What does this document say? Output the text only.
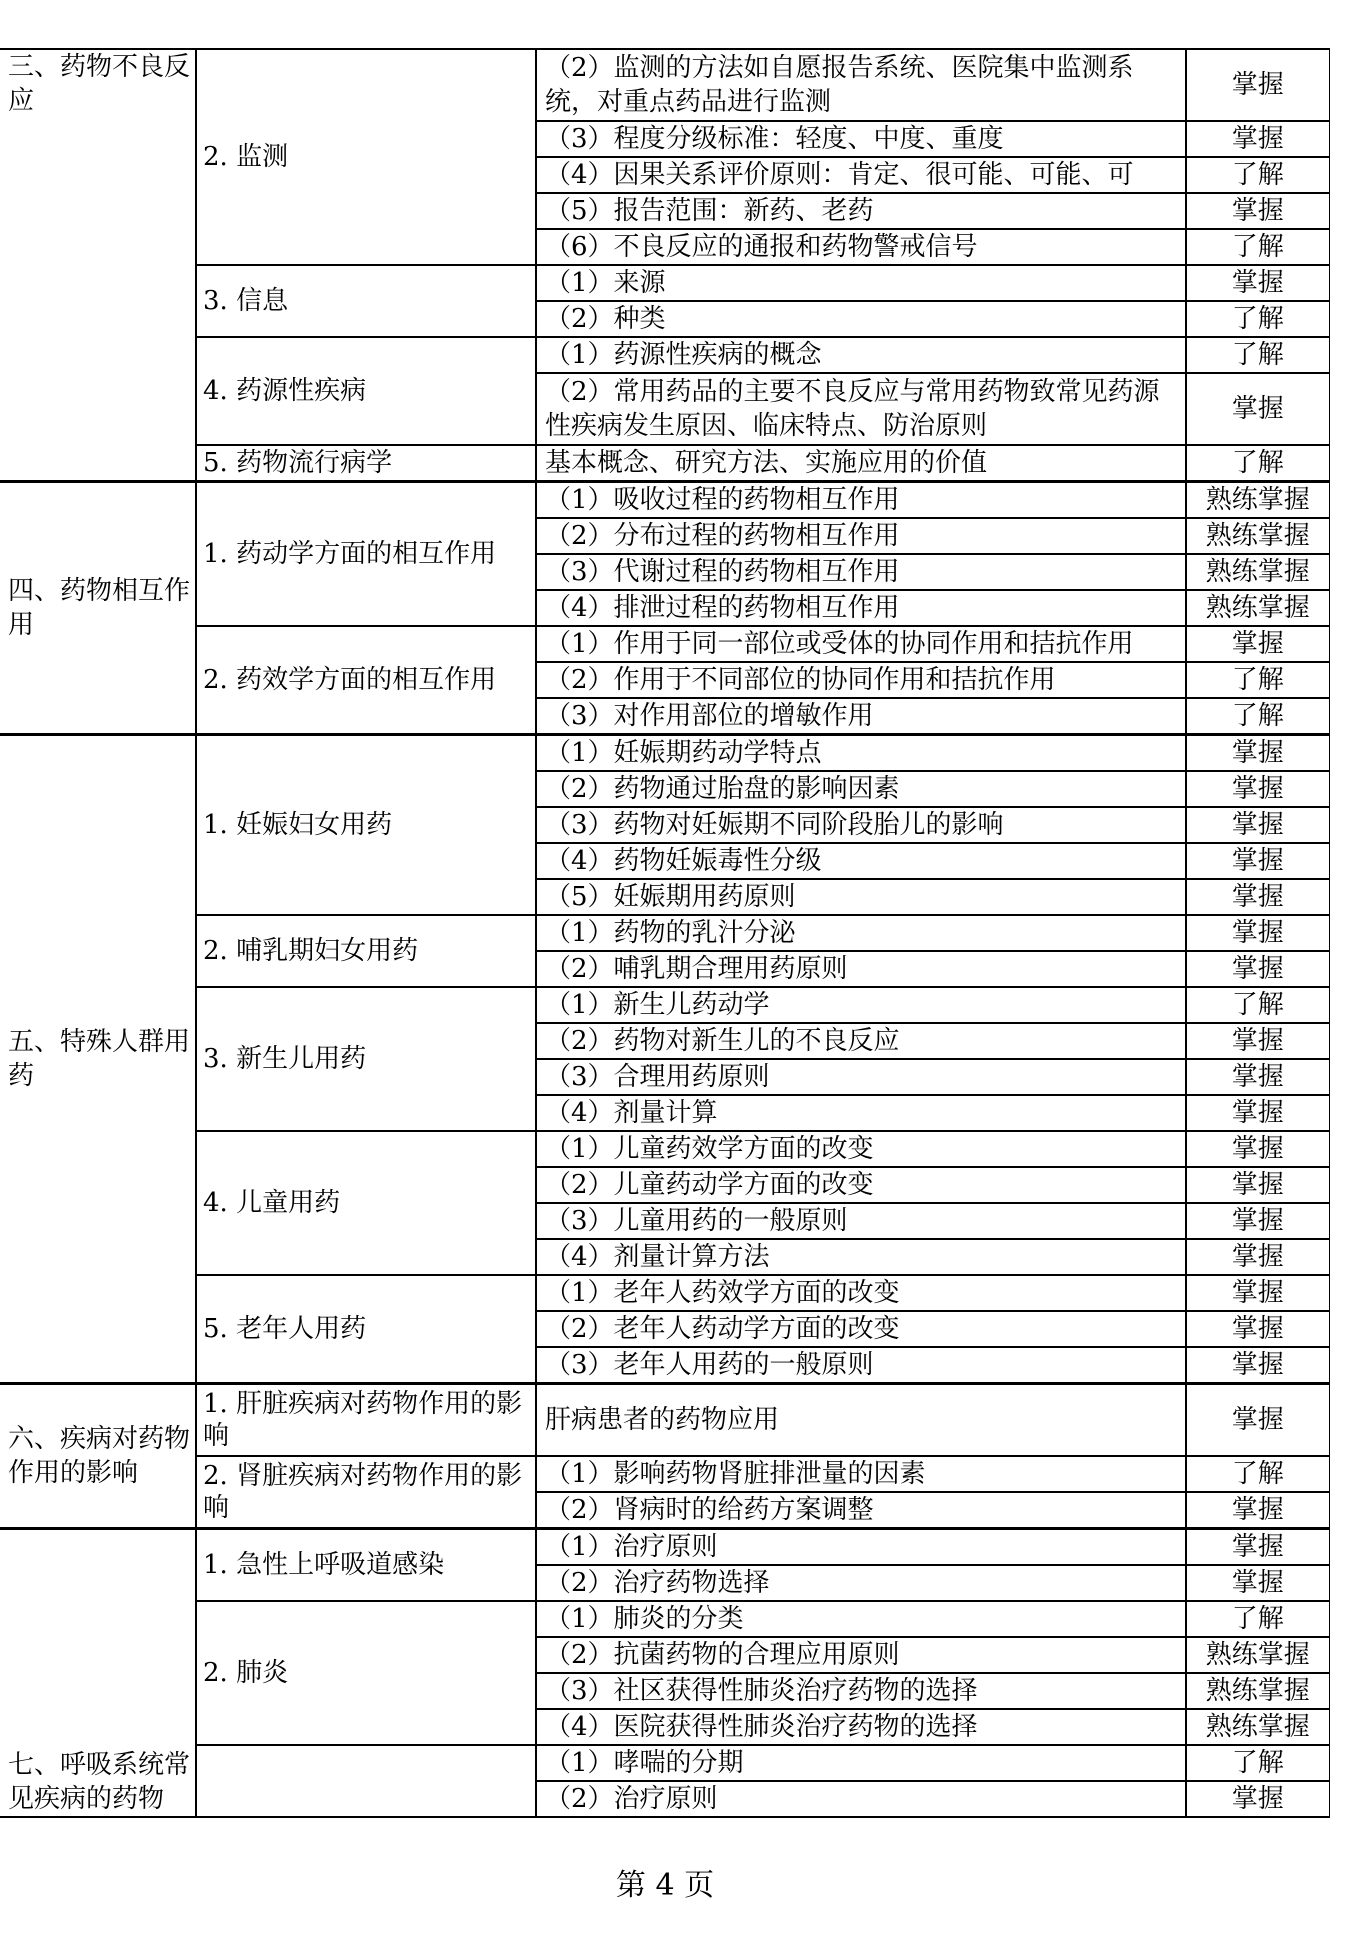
三、药物不良反应	2. 监测	（2）监测的方法如自愿报告系统、医院集中监测系统，对重点药品进行监测	掌握
		（3）程度分级标准：轻度、中度、重度	掌握
		（4）因果关系评价原则：肯定、很可能、可能、可	了解
		（5）报告范围：新药、老药	掌握
		（6）不良反应的通报和药物警戒信号	了解
	3. 信息	（1）来源	掌握
		（2）种类	了解
	4. 药源性疾病	（1）药源性疾病的概念	了解
		（2）常用药品的主要不良反应与常用药物致常见药源性疾病发生原因、临床特点、防治原则	掌握
	5. 药物流行病学	基本概念、研究方法、实施应用的价值	了解
四、药物相互作用	1. 药动学方面的相互作用	（1）吸收过程的药物相互作用	熟练掌握
		（2）分布过程的药物相互作用	熟练掌握
		（3）代谢过程的药物相互作用	熟练掌握
		（4）排泄过程的药物相互作用	熟练掌握
	2. 药效学方面的相互作用	（1）作用于同一部位或受体的协同作用和拮抗作用	掌握
		（2）作用于不同部位的协同作用和拮抗作用	了解
		（3）对作用部位的增敏作用	了解
五、特殊人群用药	1. 妊娠妇女用药	（1）妊娠期药动学特点	掌握
		（2）药物通过胎盘的影响因素	掌握
		（3）药物对妊娠期不同阶段胎儿的影响	掌握
		（4）药物妊娠毒性分级	掌握
		（5）妊娠期用药原则	掌握
	2. 哺乳期妇女用药	（1）药物的乳汁分泌	掌握
		（2）哺乳期合理用药原则	掌握
	3. 新生儿用药	（1）新生儿药动学	了解
		（2）药物对新生儿的不良反应	掌握
		（3）合理用药原则	掌握
		（4）剂量计算	掌握
	4. 儿童用药	（1）儿童药效学方面的改变	掌握
		（2）儿童药动学方面的改变	掌握
		（3）儿童用药的一般原则	掌握
		（4）剂量计算方法	掌握
	5. 老年人用药	（1）老年人药效学方面的改变	掌握
		（2）老年人药动学方面的改变	掌握
		（3）老年人用药的一般原则	掌握
六、疾病对药物作用的影响	1. 肝脏疾病对药物作用的影响	肝病患者的药物应用	掌握
	2. 肾脏疾病对药物作用的影响	（1）影响药物肾脏排泄量的因素	了解
		（2）肾病时的给药方案调整	掌握
七、呼吸系统常见疾病的药物	1. 急性上呼吸道感染	（1）治疗原则	掌握
		（2）治疗药物选择	掌握
	2. 肺炎	（1）肺炎的分类	了解
		（2）抗菌药物的合理应用原则	熟练掌握
		（3）社区获得性肺炎治疗药物的选择	熟练掌握
		（4）医院获得性肺炎治疗药物的选择	熟练掌握
		（1）哮喘的分期	了解
		（2）治疗原则	掌握
第 4 页
